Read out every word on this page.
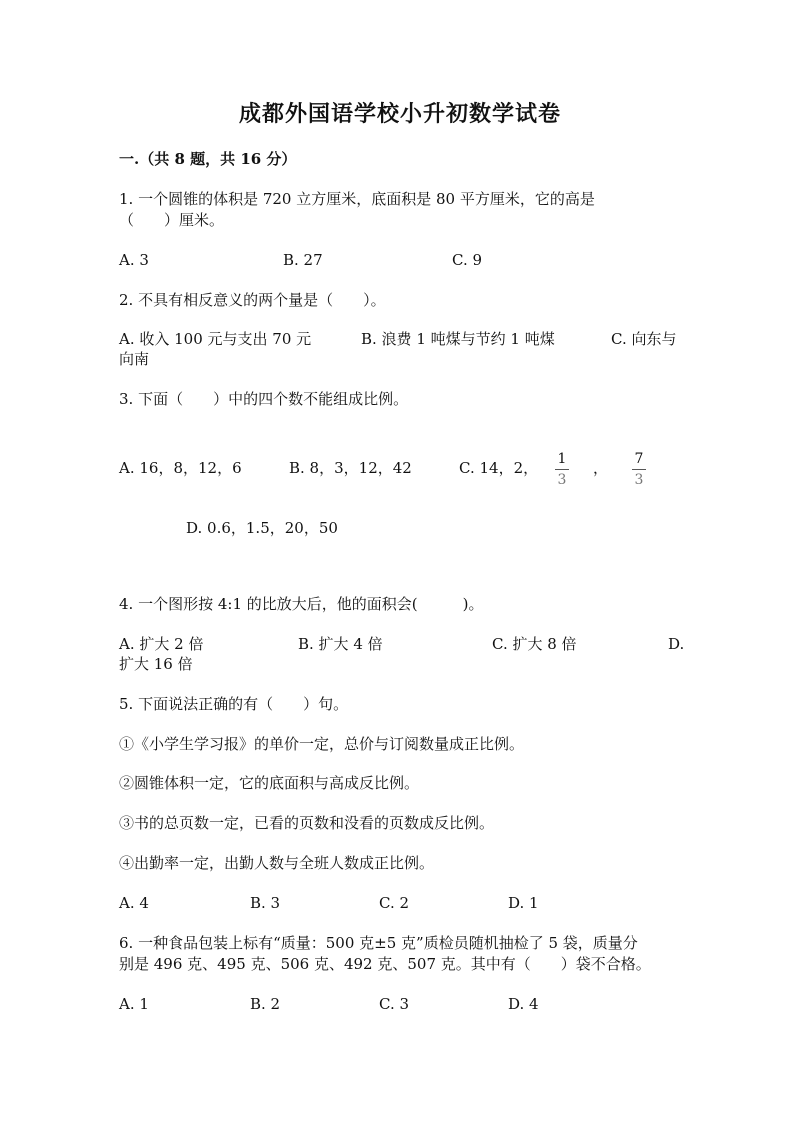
成都外国语学校小升初数学试卷
一.（共 8 题，共 16 分）
1. 一个圆锥的体积是 720 立方厘米，底面积是 80 平方厘米，它的高是
（　　）厘米。
A. 3	B. 27	C. 9
2. 不具有相反意义的两个量是（　　）。
A. 收入 100 元与支出 70 元	B. 浪费 1 吨煤与节约 1 吨煤	C. 向东与
向南
3. 下面（　　）中的四个数不能组成比例。
A. 16，8，12，6	B. 8，3，12，42	C. 14，2，	1
3
，	7
3
D. 0.6，1.5，20，50
4. 一个图形按 4:1 的比放大后，他的面积会(　　　)。
A. 扩大 2 倍	B. 扩大 4 倍	C. 扩大 8 倍	D.
扩大 16 倍
5. 下面说法正确的有（　　）句。
①《小学生学习报》的单价一定，总价与订阅数量成正比例。
②圆锥体积一定，它的底面积与高成反比例。
③书的总页数一定，已看的页数和没看的页数成反比例。
④出勤率一定，出勤人数与全班人数成正比例。
A. 4	B. 3	C. 2	D. 1
6. 一种食品包装上标有“质量：500 克±5 克”质检员随机抽检了 5 袋，质量分
别是 496 克、495 克、506 克、492 克、507 克。其中有（　　）袋不合格。
A. 1	B. 2	C. 3	D. 4
